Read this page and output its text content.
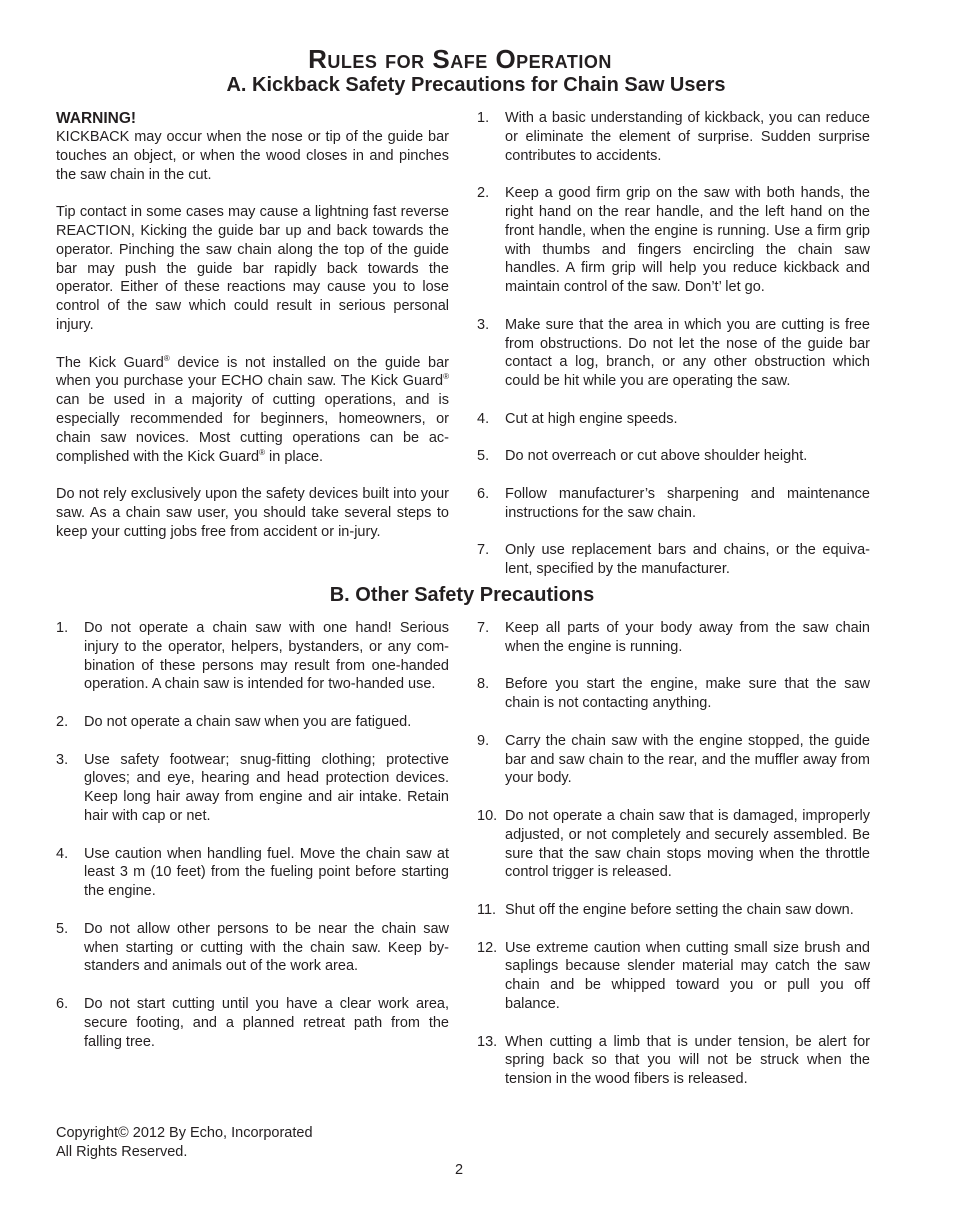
Rules for Safe Operation
A. Kickback Safety Precautions for Chain Saw Users
WARNING!

KICKBACK may occur when the nose or tip of the guide bar touches an object, or when the wood closes in and pinches the saw chain in the cut.

Tip contact in some cases may cause a lightning fast reverse REACTION, Kicking the guide bar up and back towards the operator. Pinching the saw chain along the top of the guide bar may push the guide bar rapidly back towards the operator. Either of these reactions may cause you to lose control of the saw which could result in serious personal injury.

The Kick Guard® device is not installed on the guide bar when you purchase your ECHO chain saw. The Kick Guard® can be used in a majority of cutting operations, and is especially recommended for beginners, homeowners, or chain saw novices. Most cutting operations can be ac-complished with the Kick Guard® in place.

Do not rely exclusively upon the safety devices built into your saw. As a chain saw user, you should take several steps to keep your cutting jobs free from accident or in-jury.

1.	With a basic understanding of kickback, you can reduce or eliminate the element of surprise. Sudden surprise contributes to accidents.
2.	Keep a good firm grip on the saw with both hands, the right hand on the rear handle, and the left hand on the front handle, when the engine is running. Use a firm grip with thumbs and fingers encircling the chain saw handles. A firm grip will help you reduce kickback and maintain control of the saw. Don’t’ let go.
3.	Make sure that the area in which you are cutting is free from obstructions. Do not let the nose of the guide bar contact a log, branch, or any other obstruction which could be hit while you are operating the saw.
4.	Cut at high engine speeds.
5.	Do not overreach or cut above shoulder height.
6.	Follow manufacturer’s sharpening and maintenance instructions for the saw chain.
7.	Only use replacement bars and chains, or the equiva-lent, specified by the manufacturer.
B. Other Safety Precautions
1.	Do not operate a chain saw with one hand! Serious injury to the operator, helpers, bystanders, or any com-bination of these persons may result from one-handed operation. A chain saw is intended for two-handed use.
2.	Do not operate a chain saw when you are fatigued.
3.	Use safety footwear; snug-fitting clothing; protective gloves; and eye, hearing and head protection devices. Keep long hair away from engine and air intake. Retain hair with cap or net.
4.	Use caution when handling fuel. Move the chain saw at least 3 m (10 feet) from the fueling point before starting the engine.
5.	Do not allow other persons to be near the chain saw when starting or cutting with the chain saw. Keep by-standers and animals out of the work area.
6.	Do not start cutting until you have a clear work area, secure footing, and a planned retreat path from the falling tree.
7.	Keep all parts of your body away from the saw chain when the engine is running.
8.	Before you start the engine, make sure that the saw chain is not contacting anything.
9.	Carry the chain saw with the engine stopped, the guide bar and saw chain to the rear, and the muffler away from your body.
10. Do not operate a chain saw that is damaged, improperly adjusted, or not completely and securely assembled. Be sure that the saw chain stops moving when the throttle control trigger is released.
11. Shut off the engine before setting the chain saw down.
12. Use extreme caution when cutting small size brush and saplings because slender material may catch the saw chain and be whipped toward you or pull you off balance.
13. When cutting a limb that is under tension, be alert for spring back so that you will not be struck when the tension in the wood fibers is released.
Copyright© 2012 By Echo, Incorporated
All Rights Reserved.
2
